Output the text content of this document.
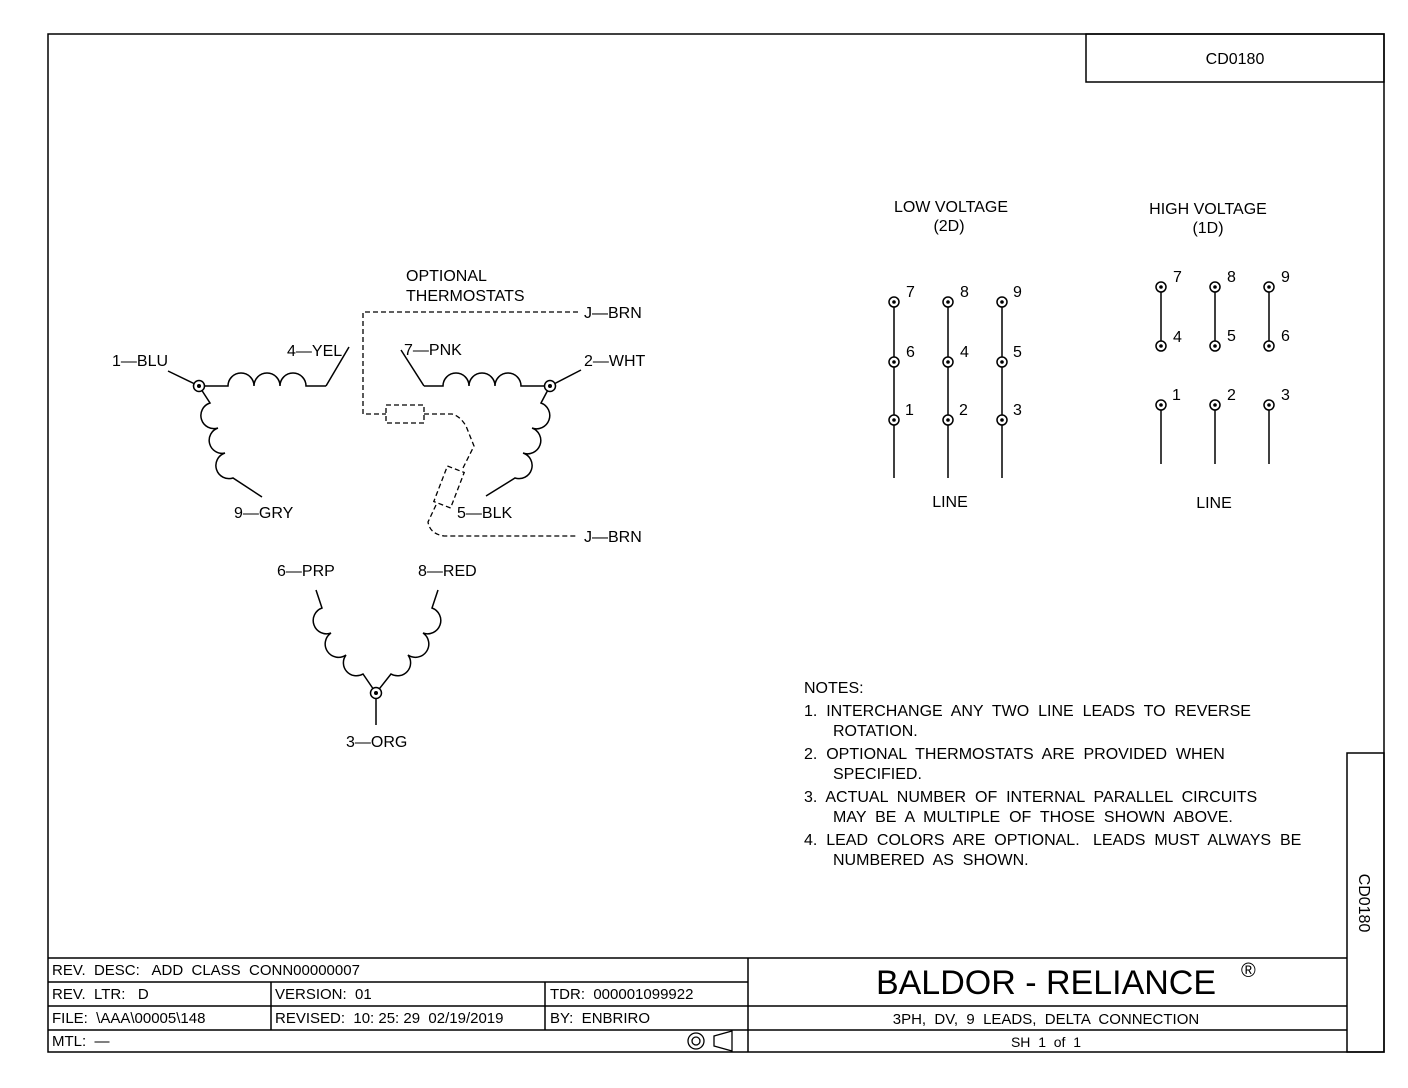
OPTIONAL
THERMOSTATS
J—BRN
J—BRN
1—BLU
4—YEL	7—PNK
2—WHT
9—GRY	5—BLK
6—PRP	8—RED
3—ORG
LOW VOLTAGE
(2D)
7	8	9
6	4	5
1	2	3
LINE
HIGH VOLTAGE
(1D)
7	8	9
4	5	6
1	2	3
LINE
NOTES:
1.  INTERCHANGE  ANY  TWO  LINE  LEADS  TO  REVERSE
ROTATION.
2.  OPTIONAL  THERMOSTATS  ARE  PROVIDED  WHEN
SPECIFIED.
3.  ACTUAL  NUMBER  OF  INTERNAL  PARALLEL  CIRCUITS
MAY  BE  A  MULTIPLE  OF  THOSE  SHOWN  ABOVE.
4.  LEAD  COLORS  ARE  OPTIONAL.   LEADS  MUST  ALWAYS  BE
NUMBERED  AS  SHOWN.
CD0180
CD0180
REV.  DESC:   ADD  CLASS  CONN00000007
REV.  LTR:   D	VERSION:  01	TDR:  000001099922
FILE:  \AAA\00005\148	REVISED:  10: 25: 29  02/19/2019	BY:  ENBRIRO
MTL:  —
BALDOR - RELIANCE ®
3PH,  DV,  9  LEADS,  DELTA  CONNECTION
SH  1  of  1
